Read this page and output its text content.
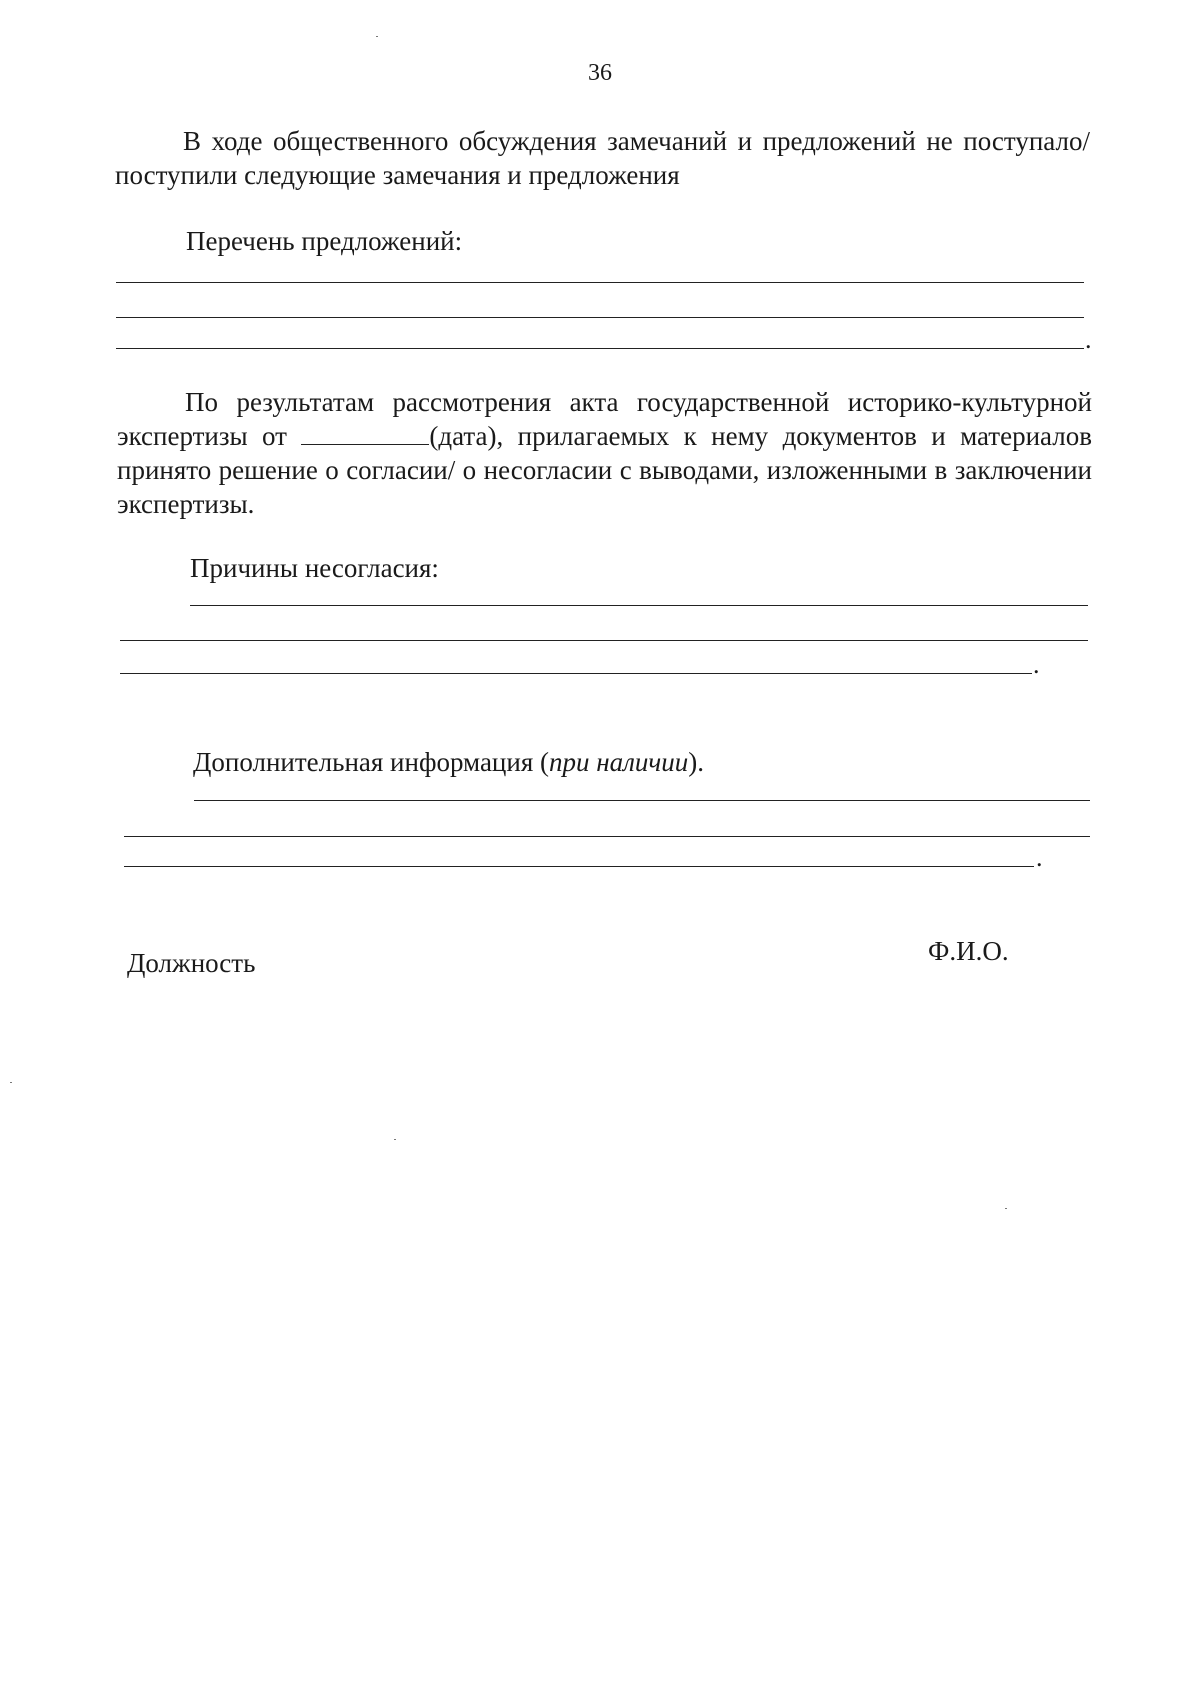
36
В ходе общественного обсуждения замечаний и предложений не поступало/поступили следующие замечания и предложения
Перечень предложений:
.
По результатам рассмотрения акта государственной историко-культурной экспертизы от	(дата), прилагаемых к нему документов и материалов принято решение о согласии/ о несогласии с выводами, изложенными в заключении экспертизы.
Причины несогласия:
.
Дополнительная информация (при наличии).
.
Должность	Ф.И.О.
